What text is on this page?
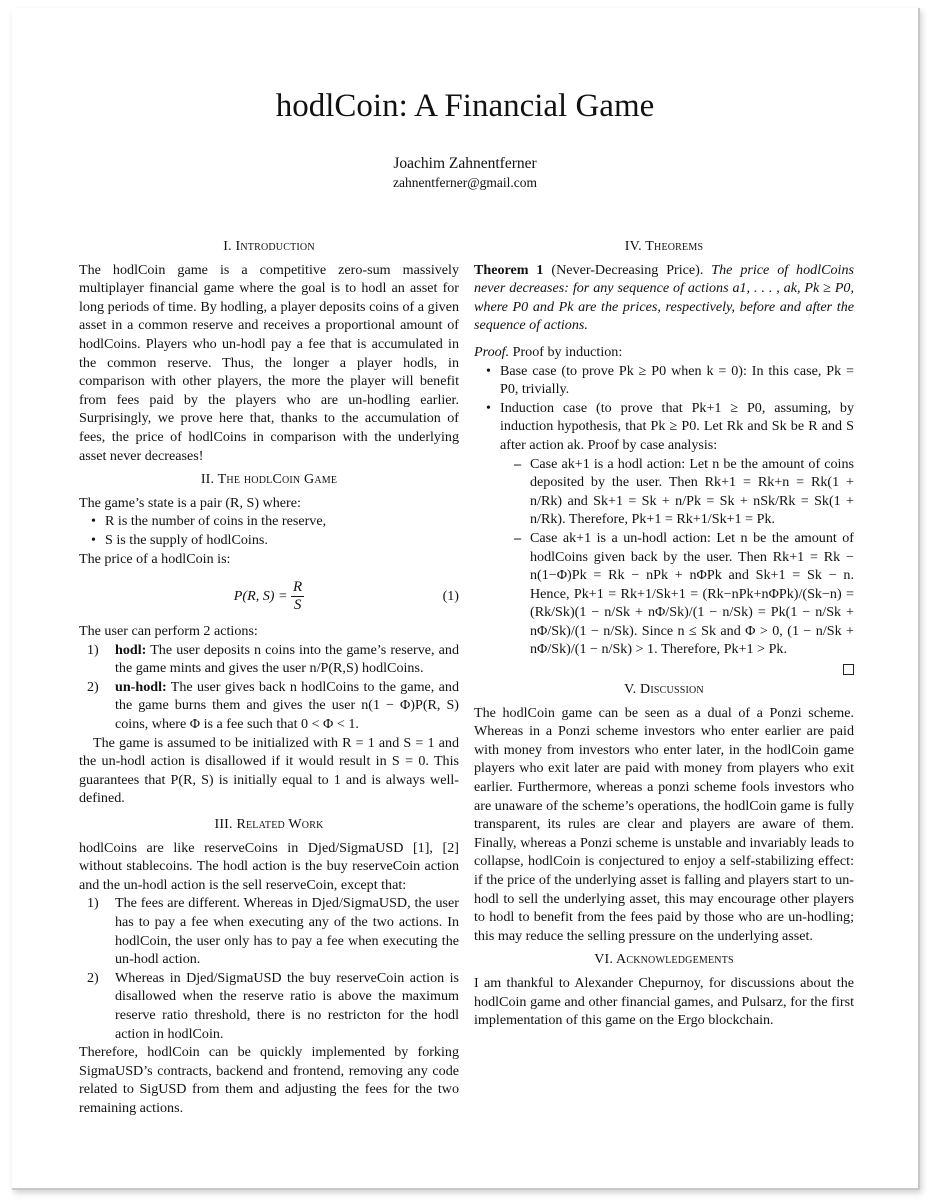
hodlCoin: A Financial Game
Joachim Zahnentferner
zahnentferner@gmail.com
I. Introduction

The hodlCoin game is a competitive zero-sum massively multiplayer financial game where the goal is to hodl an asset for long periods of time. By hodling, a player deposits coins of a given asset in a common reserve and receives a proportional amount of hodlCoins. Players who un-hodl pay a fee that is accumulated in the common reserve. Thus, the longer a player hodls, in comparison with other players, the more the player will benefit from fees paid by the players who are un-hodling earlier. Surprisingly, we prove here that, thanks to the accumulation of fees, the price of hodlCoins in comparison with the underlying asset never decreases!

II. The hodlCoin Game

The game’s state is a pair (R, S) where:

• R is the number of coins in the reserve,
• S is the supply of hodlCoins.

The price of a hodlCoin is:

P(R, S) =
$\frac{R}{S}$	(1)

The user can perform 2 actions:

1) hodl: The user deposits n coins into the game’s reserve, and the game mints and gives the user n/P(R,S) hodlCoins.
2) un-hodl: The user gives back n hodlCoins to the game, and the game burns them and gives the user n(1 − Φ)P(R, S) coins, where Φ is a fee such that 0 < Φ < 1.

The game is assumed to be initialized with R = 1 and S = 1 and the un-hodl action is disallowed if it would result in S = 0. This guarantees that P(R, S) is initially equal to 1 and is always well-defined.

III. Related Work

hodlCoins are like reserveCoins in Djed/SigmaUSD [1], [2] without stablecoins. The hodl action is the buy reserveCoin action and the un-hodl action is the sell reserveCoin, except that:

1) The fees are different. Whereas in Djed/SigmaUSD, the user has to pay a fee when executing any of the two actions. In hodlCoin, the user only has to pay a fee when executing the un-hodl action.
2) Whereas in Djed/SigmaUSD the buy reserveCoin action is disallowed when the reserve ratio is above the maximum reserve ratio threshold, there is no restricton for the hodl action in hodlCoin.

Therefore, hodlCoin can be quickly implemented by forking SigmaUSD’s contracts, backend and frontend, removing any code related to SigUSD from them and adjusting the fees for the two remaining actions.

IV. Theorems

Theorem 1 (Never-Decreasing Price). The price of hodlCoins never decreases: for any sequence of actions a1, . . . , ak, Pk ≥ P0, where P0 and Pk are the prices, respectively, before and after the sequence of actions.

Proof. Proof by induction:

• Base case (to prove Pk ≥ P0 when k = 0): In this case, Pk = P0, trivially.
• Induction case (to prove that Pk+1 ≥ P0, assuming, by induction hypothesis, that Pk ≥ P0. Let Rk and Sk be R and S after action ak. Proof by case analysis:
– Case ak+1 is a hodl action: Let n be the amount of coins deposited by the user. Then Rk+1 = Rk+n = Rk(1 + n/Rk) and Sk+1 = Sk + n/Pk = Sk + nSk/Rk = Sk(1 + n/Rk). Therefore, Pk+1 = Rk+1/Sk+1 = Pk.
– Case ak+1 is a un-hodl action: Let n be the amount of hodlCoins given back by the user. Then Rk+1 = Rk − n(1−Φ)Pk = Rk − nPk + nΦPk and Sk+1 = Sk − n. Hence, Pk+1 = Rk+1/Sk+1 = (Rk−nPk+nΦPk)/(Sk−n) = (Rk/Sk)(1 − n/Sk + nΦ/Sk)/(1 − n/Sk) = Pk(1 − n/Sk + nΦ/Sk)/(1 − n/Sk). Since n ≤ Sk and Φ > 0, (1 − n/Sk + nΦ/Sk)/(1 − n/Sk) > 1. Therefore, Pk+1 > Pk.
V. Discussion

The hodlCoin game can be seen as a dual of a Ponzi scheme. Whereas in a Ponzi scheme investors who enter earlier are paid with money from investors who enter later, in the hodlCoin game players who exit later are paid with money from players who exit earlier. Furthermore, whereas a ponzi scheme fools investors who are unaware of the scheme’s operations, the hodlCoin game is fully transparent, its rules are clear and players are aware of them. Finally, whereas a Ponzi scheme is unstable and invariably leads to collapse, hodlCoin is conjectured to enjoy a self-stabilizing effect: if the price of the underlying asset is falling and players start to un-hodl to sell the underlying asset, this may encourage other players to hodl to benefit from the fees paid by those who are un-hodling; this may reduce the selling pressure on the underlying asset.

VI. Acknowledgements

I am thankful to Alexander Chepurnoy, for discussions about the hodlCoin game and other financial games, and Pulsarz, for the first implementation of this game on the Ergo blockchain.
